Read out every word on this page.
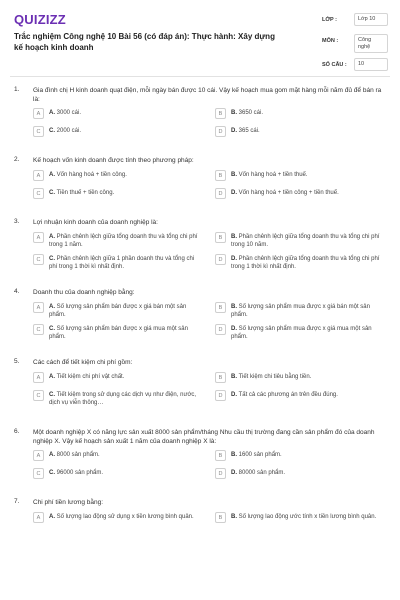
QUIZIZZ
Trắc nghiệm Công nghệ 10 Bài 56 (có đáp án): Thực hành: Xây dựng kế hoạch kinh doanh
LỚP :	Lớp 10
MÔN :	Công nghệ
SỐ CÂU :	10
1. Gia đình chị H kinh doanh quạt điện, mỗi ngày bán được 10 cái. Vậy kế hoạch mua gom mặt hàng mỗi năm đủ để bán ra là:
A	A. 3000 cái.	B	B. 3650 cái.
C	C. 2000 cái.	D	D. 365 cái.
2. Kế hoạch vốn kinh doanh được tính theo phương pháp:
A	A. Vốn hàng hoá + tiền công.	B	B. Vốn hàng hoá + tiền thuế.
C	C. Tiền thuế + tiền công.	D	D. Vốn hàng hoá + tiền công + tiền thuế.
3. Lợi nhuận kinh doanh của doanh nghiệp là:
A	A. Phần chênh lệch giữa tổng doanh thu và tổng chi phí trong 1 năm.
B	B. Phần chênh lệch giữa tổng doanh thu và tổng chi phí trong 10 năm.
C	C. Phần chênh lệch giữa 1 phần doanh thu và tổng chi phí trong 1 thời kì nhất định.
D	D. Phần chênh lệch giữa tổng doanh thu và tổng chi phí trong 1 thời kì nhất định.
4. Doanh thu của doanh nghiệp bằng:
A	A. Số lượng sản phẩm bán được x giá bán một sản phẩm.
B	B. Số lượng sản phẩm mua được x giá bán một sản phẩm.
C	C. Số lượng sản phẩm bán được x giá mua một sản phẩm.
D	D. Số lượng sản phẩm mua được x giá mua một sản phẩm.
5. Các cách để tiết kiệm chi phí gồm:
A	A. Tiết kiệm chi phí vật chất.	B	B. Tiết kiệm chi tiêu bằng tiền.
C	C. Tiết kiệm trong sử dụng các dịch vụ như điện, nước, dịch vụ viễn thông…
D	D. Tất cả các phương án trên đều đúng.
6. Một doanh nghiệp X có năng lực sản xuất 8000 sản phẩm/tháng Nhu cầu thị trường đang cần sản phẩm đó của doanh nghiệp X. Vậy kế hoạch sản xuất 1 năm của doanh nghiệp X là:
A	A. 8000 sản phẩm.	B	B. 1600 sản phẩm.
C	C. 96000 sản phẩm.	D	D. 80000 sản phẩm.
7. Chi phí tiền lương bằng:
A	A. Số lượng lao động sử dụng x tiền lương bình quân.	B	B. Số lượng lao động ước tính x tiền lương bình quân.
